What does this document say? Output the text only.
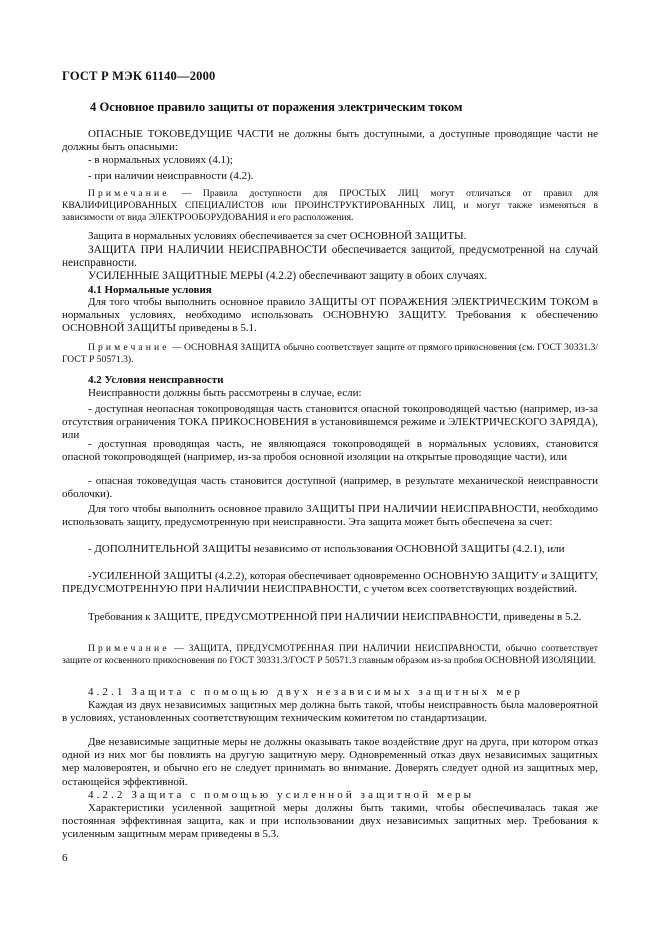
ГОСТ Р МЭК 61140—2000
4 Основное правило защиты от поражения электрическим током
ОПАСНЫЕ ТОКОВЕДУЩИЕ ЧАСТИ не должны быть доступными, а доступные проводящие части не должны быть опасными:
- в нормальных условиях (4.1);
- при наличии неисправности (4.2).
Примечание — Правила доступности для ПРОСТЫХ ЛИЦ могут отличаться от правил для КВАЛИФИЦИРОВАННЫХ СПЕЦИАЛИСТОВ или ПРОИНСТРУКТИРОВАННЫХ ЛИЦ, и могут также изменяться в зависимости от вида ЭЛЕКТРООБОРУДОВАНИЯ и его расположения.
Защита в нормальных условиях обеспечивается за счет ОСНОВНОЙ ЗАЩИТЫ.
ЗАЩИТА ПРИ НАЛИЧИИ НЕИСПРАВНОСТИ обеспечивается защитой, предусмотренной на случай неисправности.
УСИЛЕННЫЕ ЗАЩИТНЫЕ МЕРЫ (4.2.2) обеспечивают защиту в обоих случаях.
4.1 Нормальные условия
Для того чтобы выполнить основное правило ЗАЩИТЫ ОТ ПОРАЖЕНИЯ ЭЛЕКТРИЧЕСКИМ ТОКОМ в нормальных условиях, необходимо использовать ОСНОВНУЮ ЗАЩИТУ. Требования к обеспечению ОСНОВНОЙ ЗАЩИТЫ приведены в 5.1.
Примечание — ОСНОВНАЯ ЗАЩИТА обычно соответствует защите от прямого прикосновения (см. ГОСТ 30331.3/ГОСТ Р 50571.3).
4.2 Условия неисправности
Неисправности должны быть рассмотрены в случае, если:
- доступная неопасная токопроводящая часть становится опасной токопроводящей частью (например, из-за отсутствия ограничения ТОКА ПРИКОСНОВЕНИЯ в установившемся режиме и ЭЛЕКТРИЧЕСКОГО ЗАРЯДА), или
- доступная проводящая часть, не являющаяся токопроводящей в нормальных условиях, становится опасной токопроводящей (например, из-за пробоя основной изоляции на открытые проводящие части), или
- опасная токоведущая часть становится доступной (например, в результате механической неисправности оболочки).
Для того чтобы выполнить основное правило ЗАЩИТЫ ПРИ НАЛИЧИИ НЕИСПРАВНОСТИ, необходимо использовать защиту, предусмотренную при неисправности. Эта защита может быть обеспечена за счет:
- ДОПОЛНИТЕЛЬНОЙ ЗАЩИТЫ независимо от использования ОСНОВНОЙ ЗАЩИТЫ (4.2.1), или
-УСИЛЕННОЙ ЗАЩИТЫ (4.2.2), которая обеспечивает одновременно ОСНОВНУЮ ЗАЩИТУ и ЗАЩИТУ, ПРЕДУСМОТРЕННУЮ ПРИ НАЛИЧИИ НЕИСПРАВНОСТИ, с учетом всех соответствующих воздействий.
Требования к ЗАЩИТЕ, ПРЕДУСМОТРЕННОЙ ПРИ НАЛИЧИИ НЕИСПРАВНОСТИ, приведены в 5.2.
Примечание — ЗАЩИТА, ПРЕДУСМОТРЕННАЯ ПРИ НАЛИЧИИ НЕИСПРАВНОСТИ, обычно соответствует защите от косвенного прикосновения по ГОСТ 30331.3/ГОСТ Р 50571.3 главным образом из-за пробоя ОСНОВНОЙ ИЗОЛЯЦИИ.
4.2.1 Защита с помощью двух независимых защитных мер
Каждая из двух независимых защитных мер должна быть такой, чтобы неисправность была маловероятной в условиях, установленных соответствующим техническим комитетом по стандартизации.
Две независимые защитные меры не должны оказывать такое воздействие друг на друга, при котором отказ одной из них мог бы повлиять на другую защитную меру. Одновременный отказ двух независимых защитных мер маловероятен, и обычно его не следует принимать во внимание. Доверять следует одной из защитных мер, остающейся эффективной.
4.2.2 Защита с помощью усиленной защитной меры
Характеристики усиленной защитной меры должны быть такими, чтобы обеспечивалась такая же постоянная эффективная защита, как и при использовании двух независимых защитных мер. Требования к усиленным защитным мерам приведены в 5.3.
6
